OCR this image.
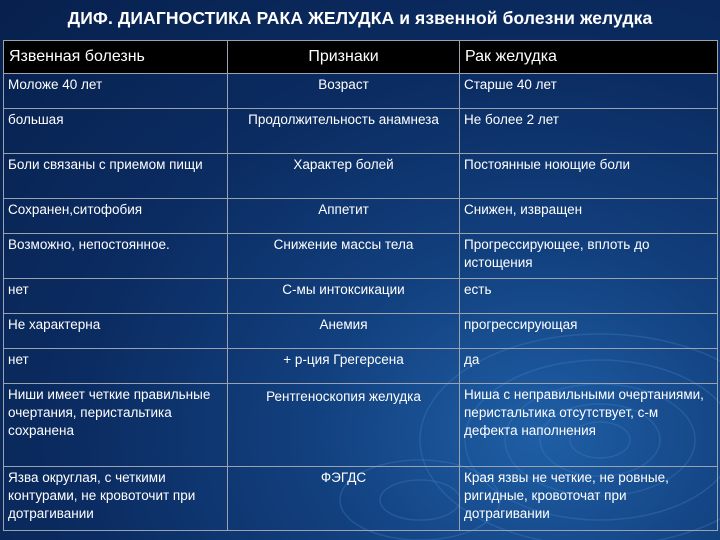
ДИФ. ДИАГНОСТИКА РАКА ЖЕЛУДКА и язвенной болезни желудка
Язвенная болезнь	Признаки	Рак желудка
Моложе 40 лет	Возраст	Старше 40 лет
большая	Продолжительность анамнеза	Не более 2 лет
Боли связаны с приемом пищи	Характер болей	Постоянные ноющие боли
Сохранен,ситофобия	Аппетит	Снижен, извращен
Возможно, непостоянное.	Снижение массы тела	Прогрессирующее, вплоть до истощения
нет	С-мы интоксикации	есть
Не характерна	Анемия	прогрессирующая
нет	+ р-ция Грегерсена	да
Ниши имеет четкие правильные очертания, перистальтика сохранена	Рентгеноскопия желудка	Ниша с неправильными очертаниями, перистальтика отсутствует, с-м дефекта наполнения
Язва округлая, с четкими контурами, не кровоточит при дотрагивании	ФЭГДС	Края язвы не четкие, не ровные, ригидные, кровоточат при дотрагивании
